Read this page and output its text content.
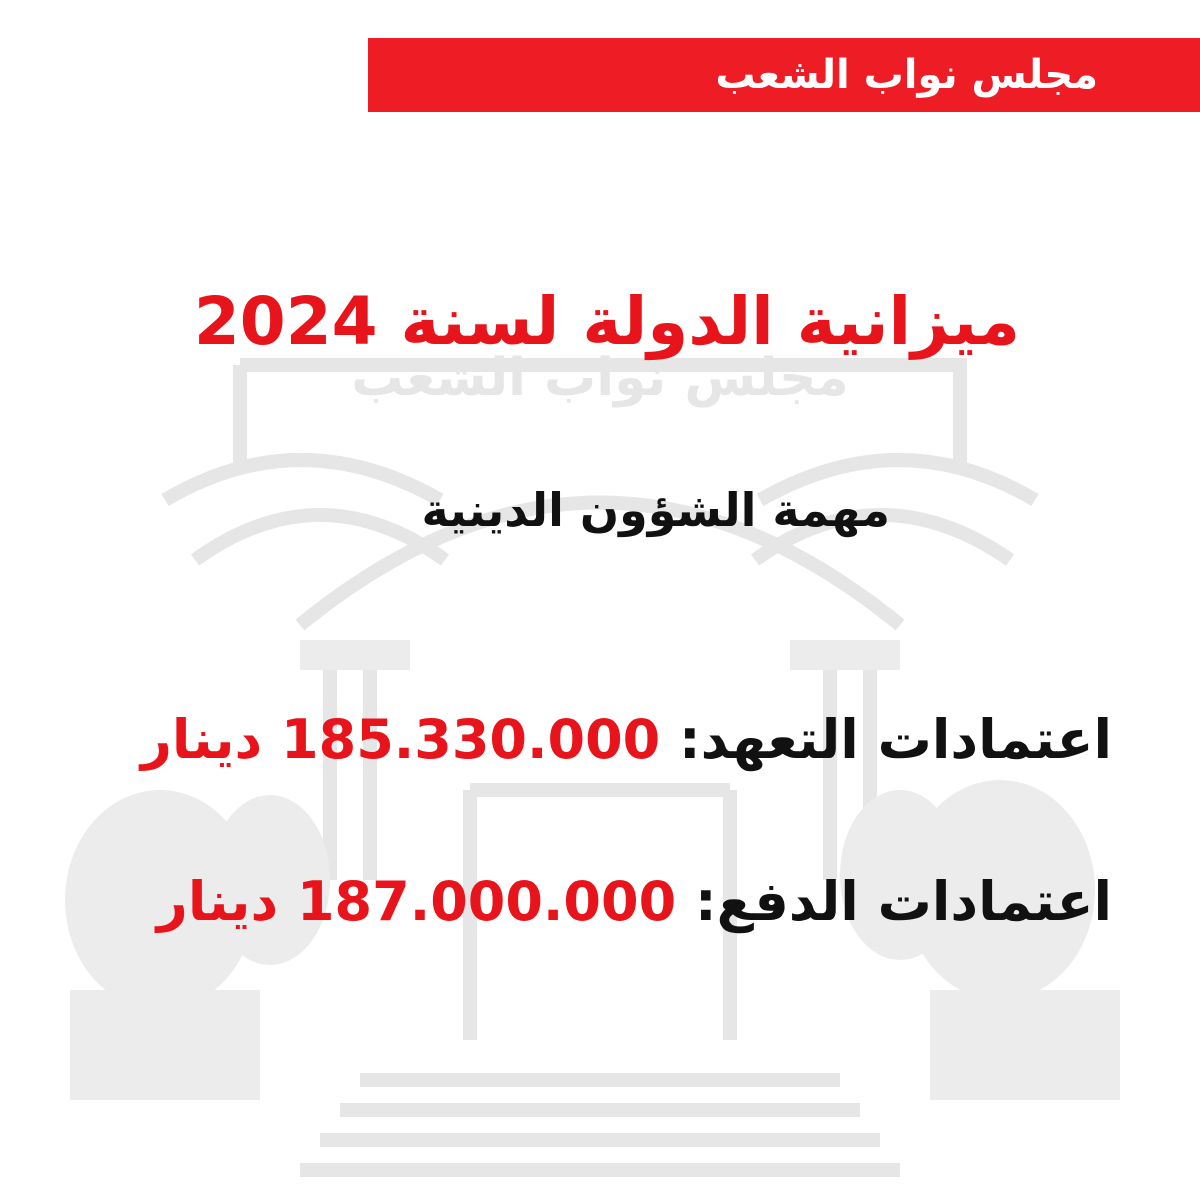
مجلس نواب الشعب
مجلس نواب الشعب
ميزانية الدولة لسنة 2024
مهمة الشؤون الدينية
اعتمادات التعهد: 185.330.000 دينار
اعتمادات الدفع: 187.000.000 دينار
